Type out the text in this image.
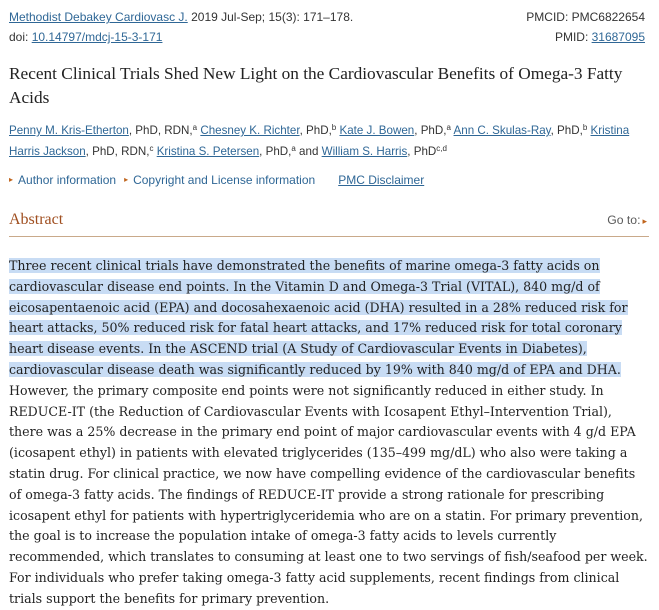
Methodist Debakey Cardiovasc J. 2019 Jul-Sep; 15(3): 171–178.	PMCID: PMC6822654
doi: 10.14797/mdcj-15-3-171	PMID: 31687095
Recent Clinical Trials Shed New Light on the Cardiovascular Benefits of Omega-3 Fatty Acids
Penny M. Kris-Etherton, PhD, RDN,$^a$ Chesney K. Richter, PhD,$^b$ Kate J. Bowen, PhD,$^a$ Ann C. Skulas-Ray, PhD,$^b$ Kristina Harris Jackson, PhD, RDN,$^c$ Kristina S. Petersen, PhD,$^a$ and William S. Harris, PhD$^{c,d}$
▸ Author information ▸ Copyright and License information PMC Disclaimer
Abstract	Go to: ▸
Three recent clinical trials have demonstrated the benefits of marine omega-3 fatty acids on cardiovascular disease end points. In the Vitamin D and Omega-3 Trial (VITAL), 840 mg/d of eicosapentaenoic acid (EPA) and docosahexaenoic acid (DHA) resulted in a 28% reduced risk for heart attacks, 50% reduced risk for fatal heart attacks, and 17% reduced risk for total coronary heart disease events. In the ASCEND trial (A Study of Cardiovascular Events in Diabetes), cardiovascular disease death was significantly reduced by 19% with 840 mg/d of EPA and DHA. However, the primary composite end points were not significantly reduced in either study. In REDUCE-IT (the Reduction of Cardiovascular Events with Icosapent Ethyl–Intervention Trial), there was a 25% decrease in the primary end point of major cardiovascular events with 4 g/d EPA (icosapent ethyl) in patients with elevated triglycerides (135–499 mg/dL) who also were taking a statin drug. For clinical practice, we now have compelling evidence of the cardiovascular benefits of omega-3 fatty acids. The findings of REDUCE-IT provide a strong rationale for prescribing icosapent ethyl for patients with hypertriglyceridemia who are on a statin. For primary prevention, the goal is to increase the population intake of omega-3 fatty acids to levels currently recommended, which translates to consuming at least one to two servings of fish/seafood per week. For individuals who prefer taking omega-3 fatty acid supplements, recent findings from clinical trials support the benefits for primary prevention.
